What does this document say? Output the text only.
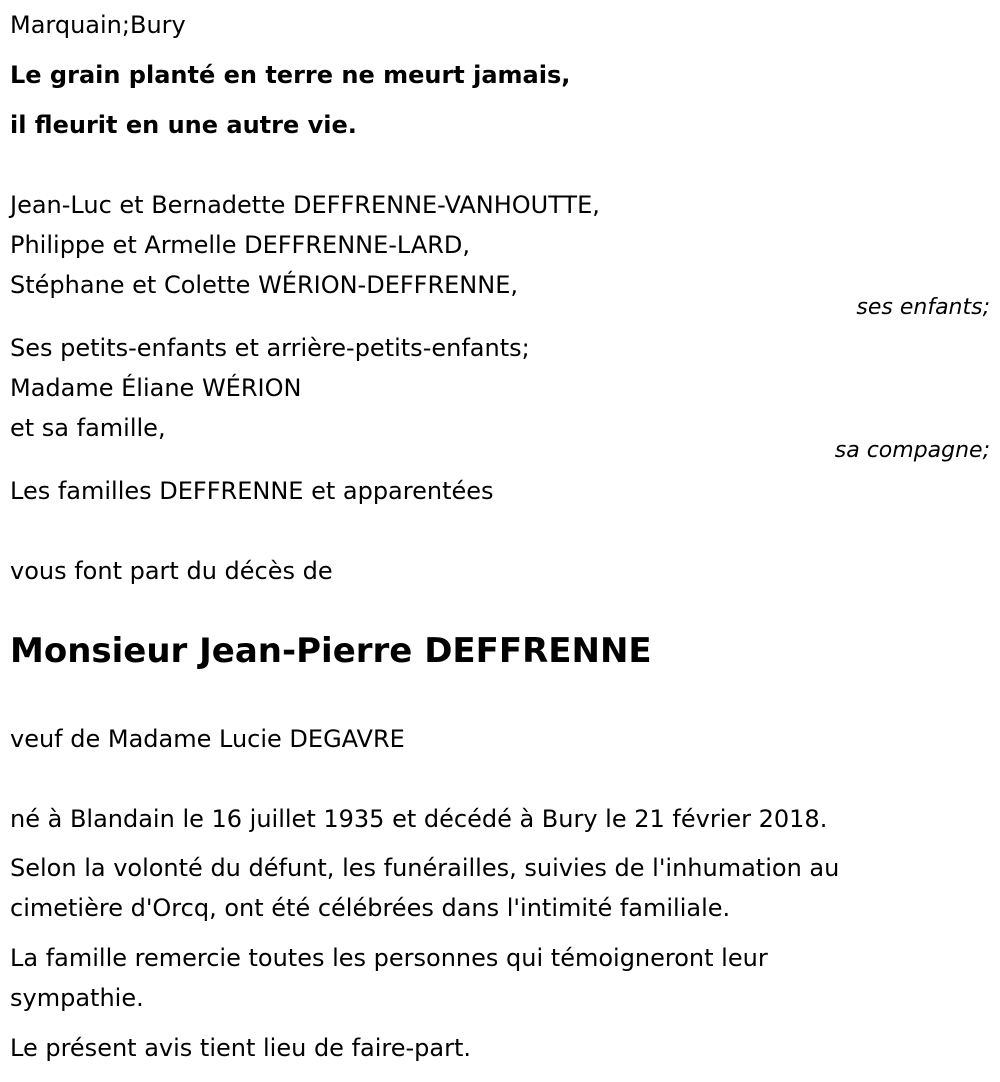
Marquain;Bury
Le grain planté en terre ne meurt jamais,
il fleurit en une autre vie.
Jean-Luc et Bernadette DEFFRENNE-VANHOUTTE,
Philippe et Armelle DEFFRENNE-LARD,
Stéphane et Colette WÉRION-DEFFRENNE,
ses enfants;
Ses petits-enfants et arrière-petits-enfants;
Madame Éliane WÉRION
et sa famille,
sa compagne;
Les familles DEFFRENNE et apparentées
vous font part du décès de
Monsieur Jean-Pierre DEFFRENNE
veuf de Madame Lucie DEGAVRE
né à Blandain le 16 juillet 1935 et décédé à Bury le 21 février 2018.
Selon la volonté du défunt, les funérailles, suivies de l'inhumation au
cimetière d'Orcq, ont été célébrées dans l'intimité familiale.
La famille remercie toutes les personnes qui témoigneront leur
sympathie.
Le présent avis tient lieu de faire-part.
